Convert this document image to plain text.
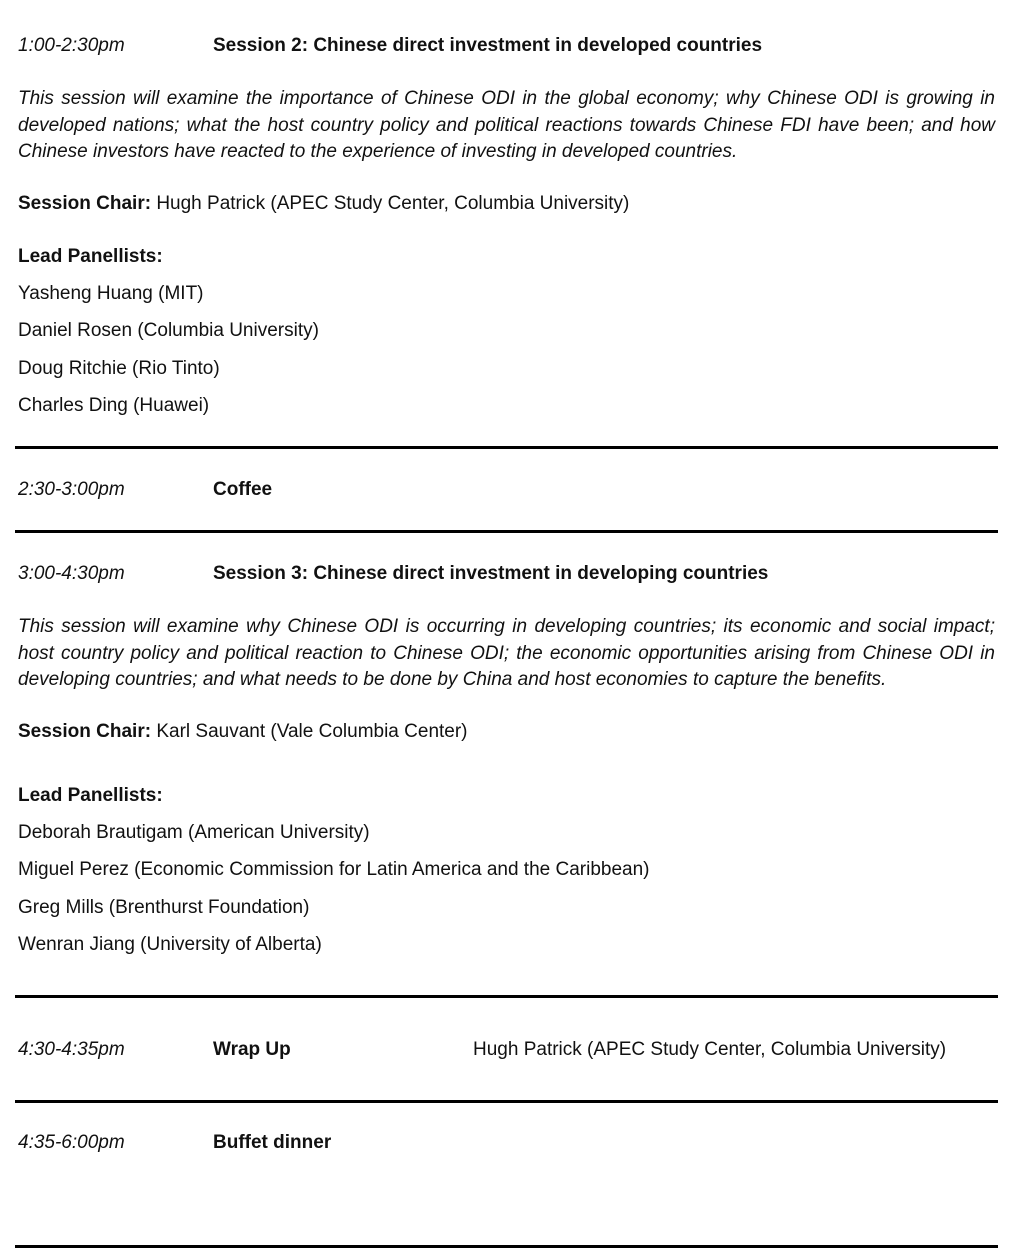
1:00-2:30pm	Session 2: Chinese direct investment in developed countries
This session will examine the importance of Chinese ODI in the global economy; why Chinese ODI is growing in developed nations; what the host country policy and political reactions towards Chinese FDI have been; and how Chinese investors have reacted to the experience of investing in developed countries.
Session Chair: Hugh Patrick (APEC Study Center, Columbia University)
Lead Panellists:
Yasheng Huang (MIT)
Daniel Rosen (Columbia University)
Doug Ritchie (Rio Tinto)
Charles Ding (Huawei)
2:30-3:00pm	Coffee
3:00-4:30pm	Session 3: Chinese direct investment in developing countries
This session will examine why Chinese ODI is occurring in developing countries; its economic and social impact; host country policy and political reaction to Chinese ODI; the economic opportunities arising from Chinese ODI in developing countries; and what needs to be done by China and host economies to capture the benefits.
Session Chair: Karl Sauvant (Vale Columbia Center)
Lead Panellists:
Deborah Brautigam (American University)
Miguel Perez (Economic Commission for Latin America and the Caribbean)
Greg Mills (Brenthurst Foundation)
Wenran Jiang (University of Alberta)
4:30-4:35pm	Wrap Up	Hugh Patrick (APEC Study Center, Columbia University)
4:35-6:00pm	Buffet dinner
